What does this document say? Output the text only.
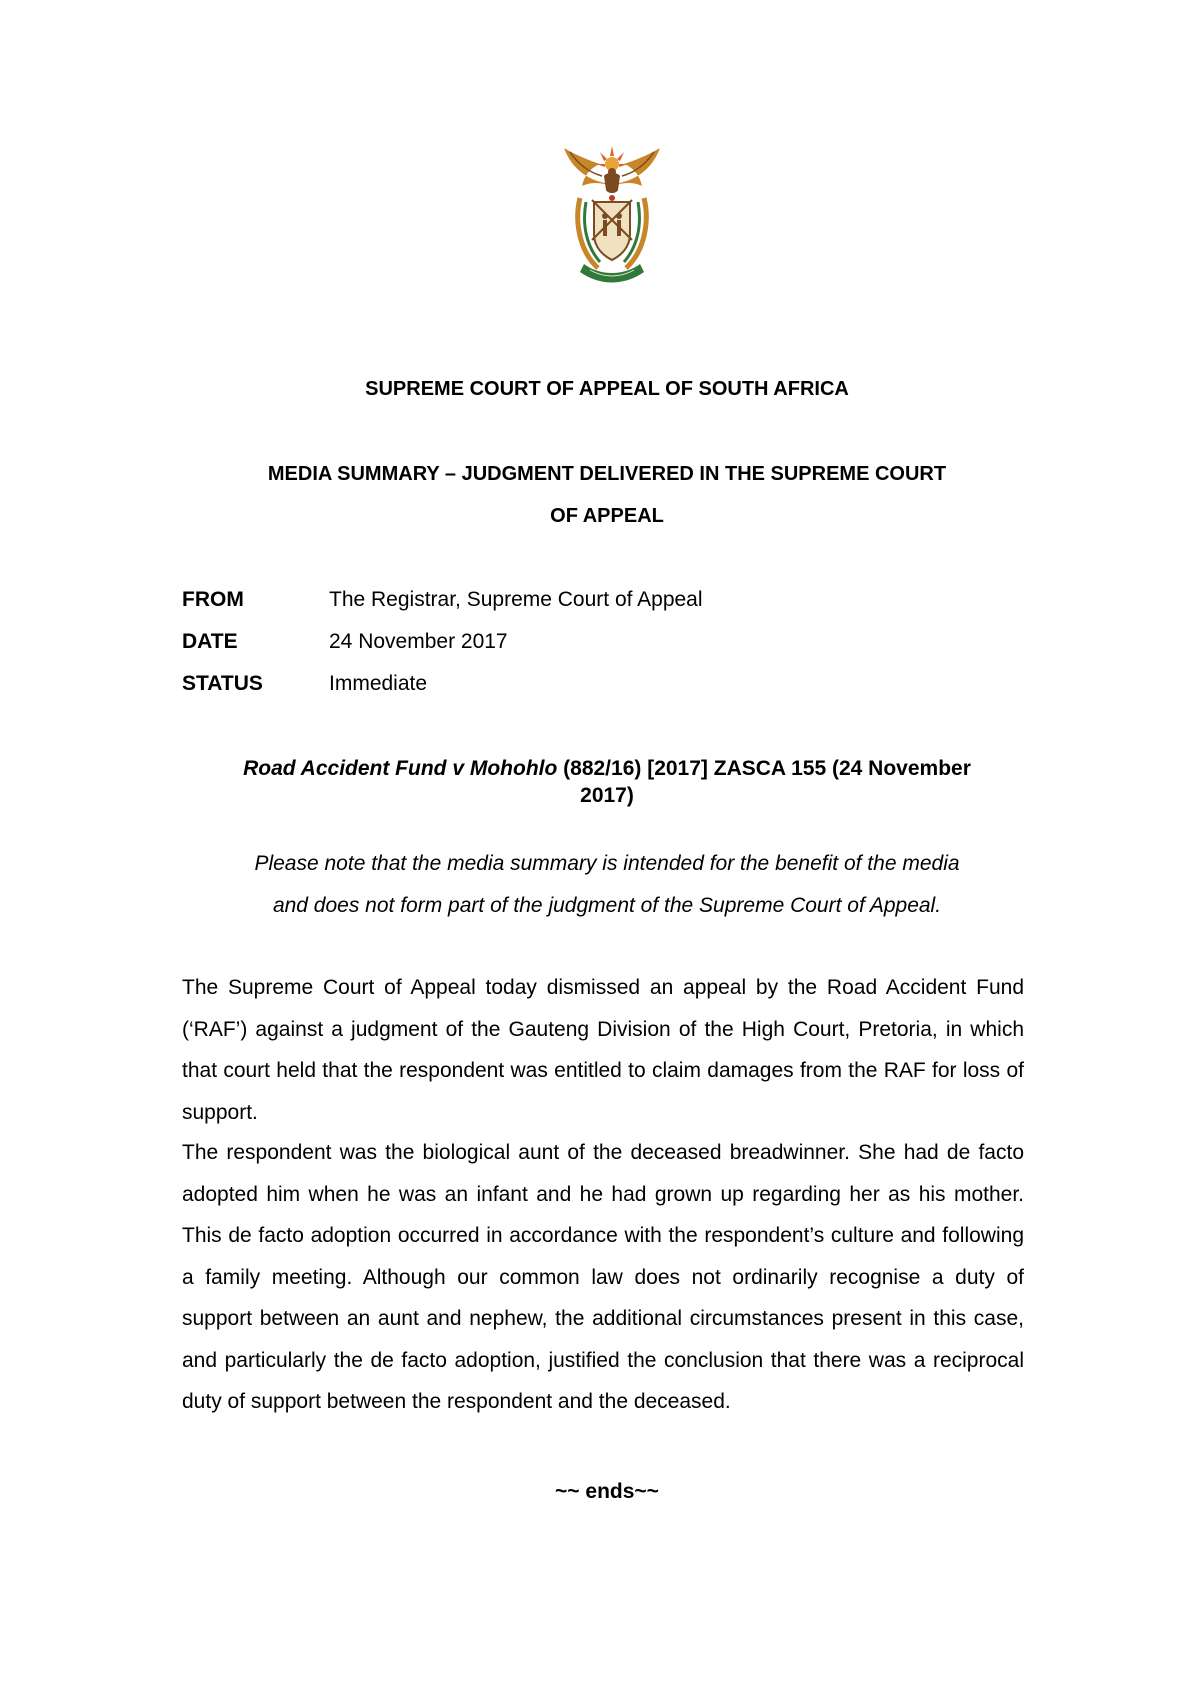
SUPREME COURT OF APPEAL OF SOUTH AFRICA
MEDIA SUMMARY – JUDGMENT DELIVERED IN THE SUPREME COURT
OF APPEAL
FROM	The Registrar, Supreme Court of Appeal
DATE	24 November 2017
STATUS	Immediate
Road Accident Fund v Mohohlo (882/16) [2017] ZASCA 155 (24 November
2017)
Please note that the media summary is intended for the benefit of the media
and does not form part of the judgment of the Supreme Court of Appeal.

The Supreme Court of Appeal today dismissed an appeal by the Road Accident Fund (‘RAF’) against a judgment of the Gauteng Division of the High Court, Pretoria, in which that court held that the respondent was entitled to claim damages from the RAF for loss of support.

The respondent was the biological aunt of the deceased breadwinner. She had de facto adopted him when he was an infant and he had grown up regarding her as his mother. This de facto adoption occurred in accordance with the respondent’s culture and following a family meeting. Although our common law does not ordinarily recognise a duty of support between an aunt and nephew, the additional circumstances present in this case, and particularly the de facto adoption, justified the conclusion that there was a reciprocal duty of support between the respondent and the deceased.

~~ ends~~
